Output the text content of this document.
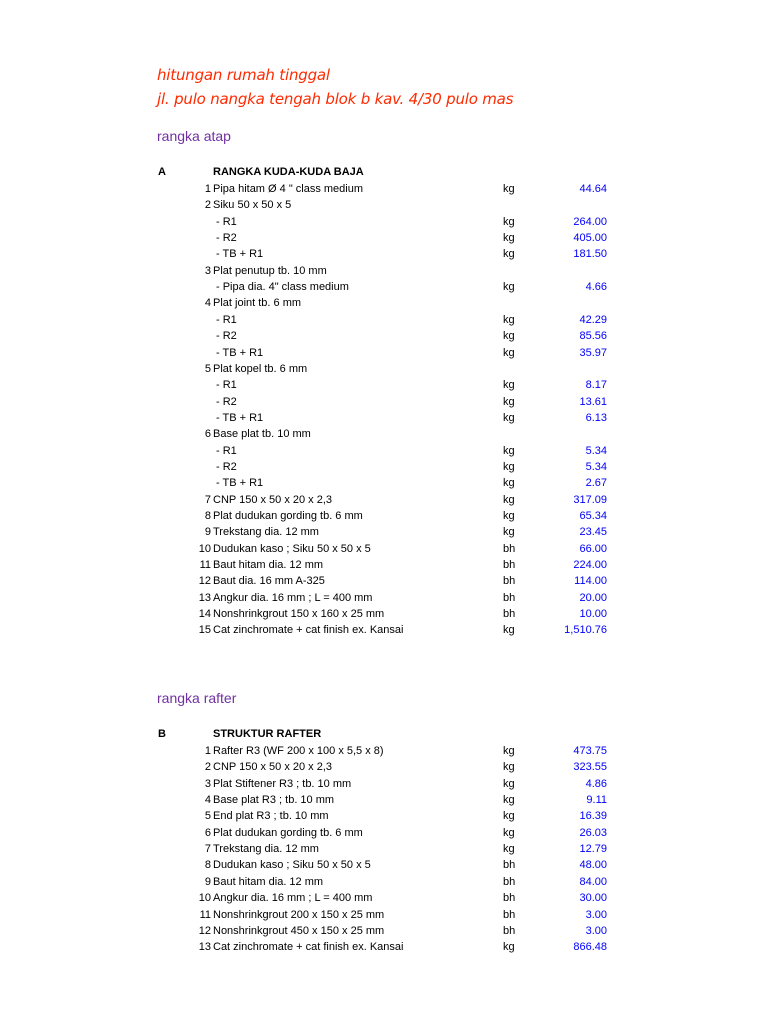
hitungan rumah tinggal
jl. pulo nangka tengah blok b kav. 4/30 pulo mas
rangka atap
A	RANGKA KUDA-KUDA BAJA
1 Pipa hitam Ø 4 " class medium	kg	44.64
2 Siku 50 x 50 x 5
- R1	kg	264.00
- R2	kg	405.00
- TB + R1	kg	181.50
3 Plat penutup tb. 10 mm
- Pipa dia. 4" class medium	kg	4.66
4 Plat joint tb. 6 mm
- R1	kg	42.29
- R2	kg	85.56
- TB + R1	kg	35.97
5 Plat kopel tb. 6 mm
- R1	kg	8.17
- R2	kg	13.61
- TB + R1	kg	6.13
6 Base plat tb. 10 mm
- R1	kg	5.34
- R2	kg	5.34
- TB + R1	kg	2.67
7 CNP 150 x 50 x 20 x 2,3	kg	317.09
8 Plat dudukan gording tb. 6 mm	kg	65.34
9 Trekstang dia. 12 mm	kg	23.45
10 Dudukan kaso ; Siku 50 x 50 x 5	bh	66.00
11 Baut hitam dia. 12 mm	bh	224.00
12 Baut dia. 16 mm A-325	bh	114.00
13 Angkur dia. 16 mm ; L = 400 mm	bh	20.00
14 Nonshrinkgrout 150 x 160 x 25 mm	bh	10.00
15 Cat zinchromate + cat finish ex. Kansai	kg	1,510.76
rangka rafter
B	STRUKTUR RAFTER
1 Rafter R3 (WF 200 x 100 x 5,5 x 8)	kg	473.75
2 CNP 150 x 50 x 20 x 2,3	kg	323.55
3 Plat Stiftener R3 ; tb. 10 mm	kg	4.86
4 Base plat R3 ; tb. 10 mm	kg	9.11
5 End plat R3 ; tb. 10 mm	kg	16.39
6 Plat dudukan gording tb. 6 mm	kg	26.03
7 Trekstang dia. 12 mm	kg	12.79
8 Dudukan kaso ; Siku 50 x 50 x 5	bh	48.00
9 Baut hitam dia. 12 mm	bh	84.00
10 Angkur dia. 16 mm ; L = 400 mm	bh	30.00
11 Nonshrinkgrout 200 x 150 x 25 mm	bh	3.00
12 Nonshrinkgrout 450 x 150 x 25 mm	bh	3.00
13 Cat zinchromate + cat finish ex. Kansai	kg	866.48
